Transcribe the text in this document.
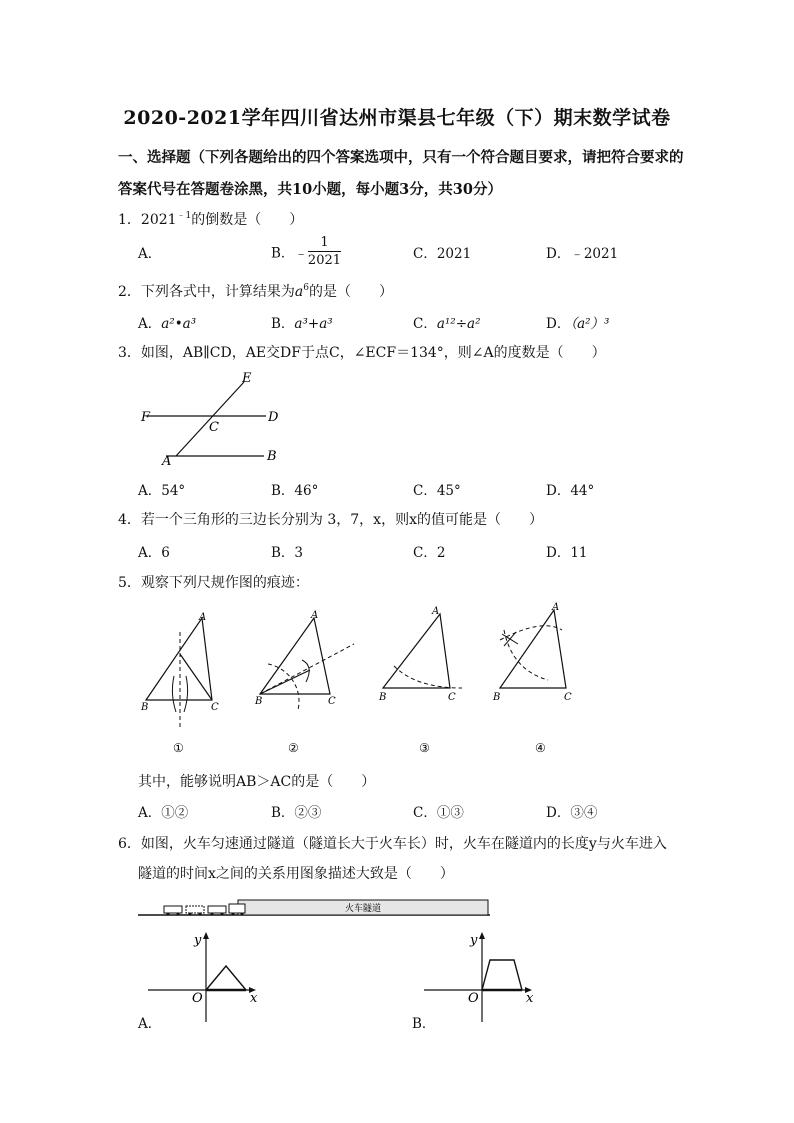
2020-2021学年四川省达州市渠县七年级（下）期末数学试卷
一、选择题（下列各题给出的四个答案选项中，只有一个符合题目要求，请把符合要求的
答案代号在答题卷涂黑，共10小题，每小题3分，共30分）
1．$2021^{﹣1}$的倒数是（　　）
A．	B．﹣ $\frac{1}{2021}$	C．2021	D．﹣2021
2．下列各式中，计算结果为$a^6$的是（　　）
A．a²•a³	B．a³+a³	C．a¹²÷a²	D．（a²）³
3．如图，AB∥CD，AE交DF于点C，∠ECF＝134°，则∠A的度数是（　　）
E
F	D
C
A	B
A．54°	B．46°	C．45°	D．44°
4．若一个三角形的三边长分别为 3，7，x，则x的值可能是（　　）
A．6	B．3	C．2	D．11
5．观察下列尺规作图的痕迹：
A
B	C
①
A
B	C
②
A
B	C
③
A
B	C
④
其中，能够说明AB＞AC的是（　　）
A．①②	B．②③	C．①③	D．③④
6．如图，火车匀速通过隧道（隧道长大于火车长）时，火车在隧道内的长度y与火车进入
隧道的时间x之间的关系用图象描述大致是（　　）
火车隧道
y
x
O
A．
y
x
O
B．
